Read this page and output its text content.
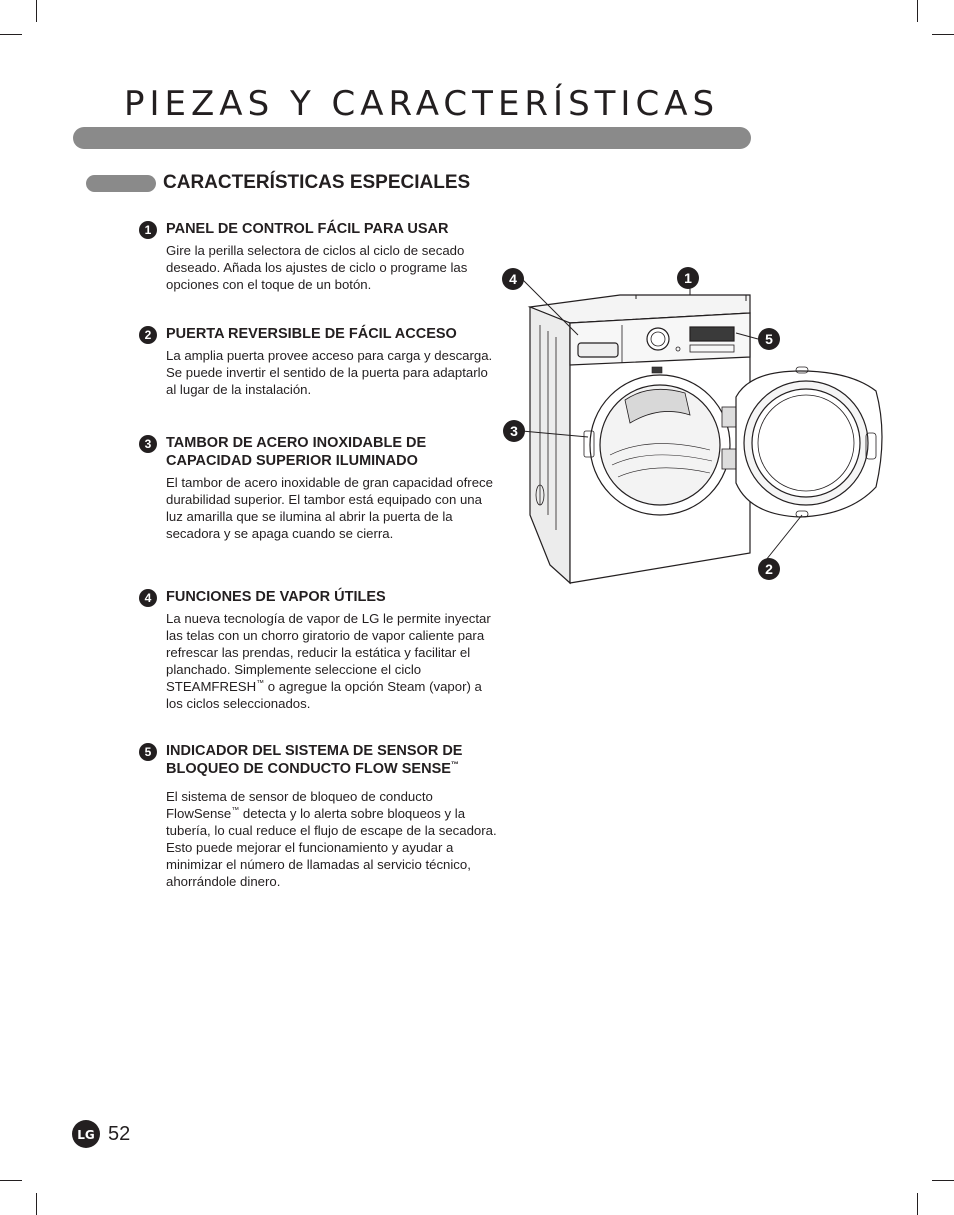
PIEZAS Y CARACTERÍSTICAS
CARACTERÍSTICAS ESPECIALES
1	PANEL DE CONTROL FÁCIL PARA USAR

Gire la perilla selectora de ciclos al ciclo de secado deseado. Añada los ajustes de ciclo o programe las opciones con el toque de un botón.

2	PUERTA REVERSIBLE DE FÁCIL ACCESO

La amplia puerta provee acceso para carga y descarga. Se puede invertir el sentido de la puerta para adaptarlo al lugar de la instalación.

3	TAMBOR DE ACERO INOXIDABLE DE CAPACIDAD SUPERIOR ILUMINADO

El tambor de acero inoxidable de gran capacidad ofrece durabilidad superior. El tambor está equipado con una luz amarilla que se ilumina al abrir la puerta de la secadora y se apaga cuando se cierra.

4	FUNCIONES DE VAPOR ÚTILES

La nueva tecnología de vapor de LG le permite inyectar las telas con un chorro giratorio de vapor caliente para refrescar las prendas, reducir la estática y facilitar el planchado. Simplemente seleccione el ciclo STEAMFRESH™ o agregue la opción Steam (vapor) a los ciclos seleccionados.

5	INDICADOR DEL SISTEMA DE SENSOR DE BLOQUEO DE CONDUCTO FLOW SENSE™

El sistema de sensor de bloqueo de conducto FlowSense™ detecta y lo alerta sobre bloqueos y la tubería, lo cual reduce el flujo de escape de la secadora. Esto puede mejorar el funcionamiento y ayudar a minimizar el número de llamadas al servicio técnico, ahorrándole dinero.

4	1
5
3
2
LG 52
